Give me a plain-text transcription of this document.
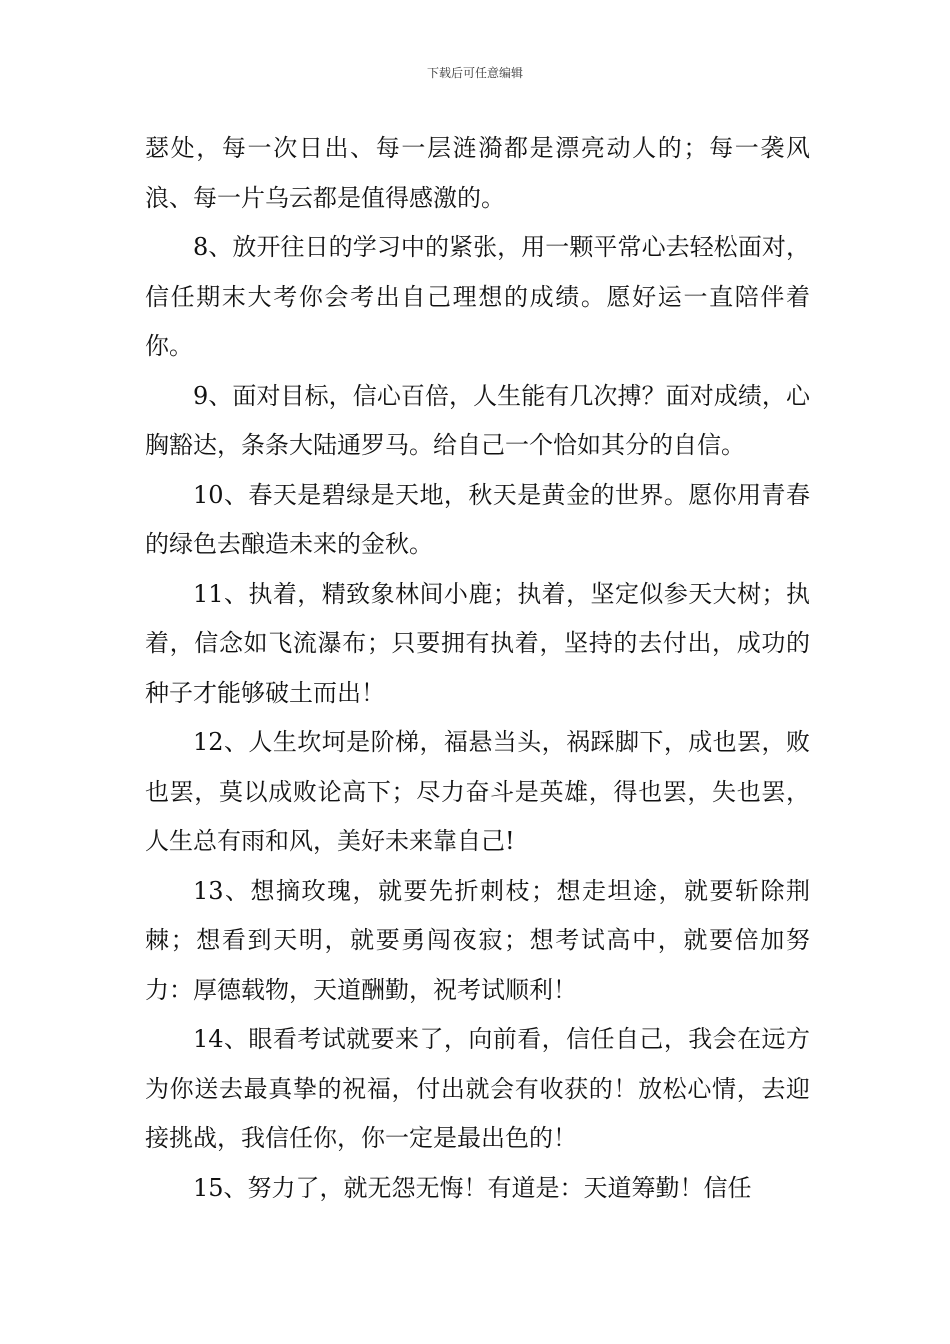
下载后可任意编辑

瑟处，每一次日出、每一层涟漪都是漂亮动人的；每一袭风浪、每一片乌云都是值得感激的。

8、放开往日的学习中的紧张，用一颗平常心去轻松面对，信任期末大考你会考出自己理想的成绩。愿好运一直陪伴着你。

9、面对目标，信心百倍，人生能有几次搏？面对成绩，心胸豁达，条条大陆通罗马。给自己一个恰如其分的自信。

10、春天是碧绿是天地，秋天是黄金的世界。愿你用青春的绿色去酿造未来的金秋。

11、执着，精致象林间小鹿；执着，坚定似参天大树；执着，信念如飞流瀑布；只要拥有执着，坚持的去付出，成功的种子才能够破土而出！

12、人生坎坷是阶梯，福悬当头，祸踩脚下，成也罢，败也罢，莫以成败论高下；尽力奋斗是英雄，得也罢，失也罢，人生总有雨和风，美好未来靠自己!

13、想摘玫瑰，就要先折刺枝；想走坦途，就要斩除荆棘；想看到天明，就要勇闯夜寂；想考试高中，就要倍加努力：厚德载物，天道酬勤，祝考试顺利！

14、眼看考试就要来了，向前看，信任自己，我会在远方为你送去最真挚的祝福，付出就会有收获的！放松心情，去迎接挑战，我信任你，你一定是最出色的！

15、努力了，就无怨无悔！有道是：天道筹勤！信任
